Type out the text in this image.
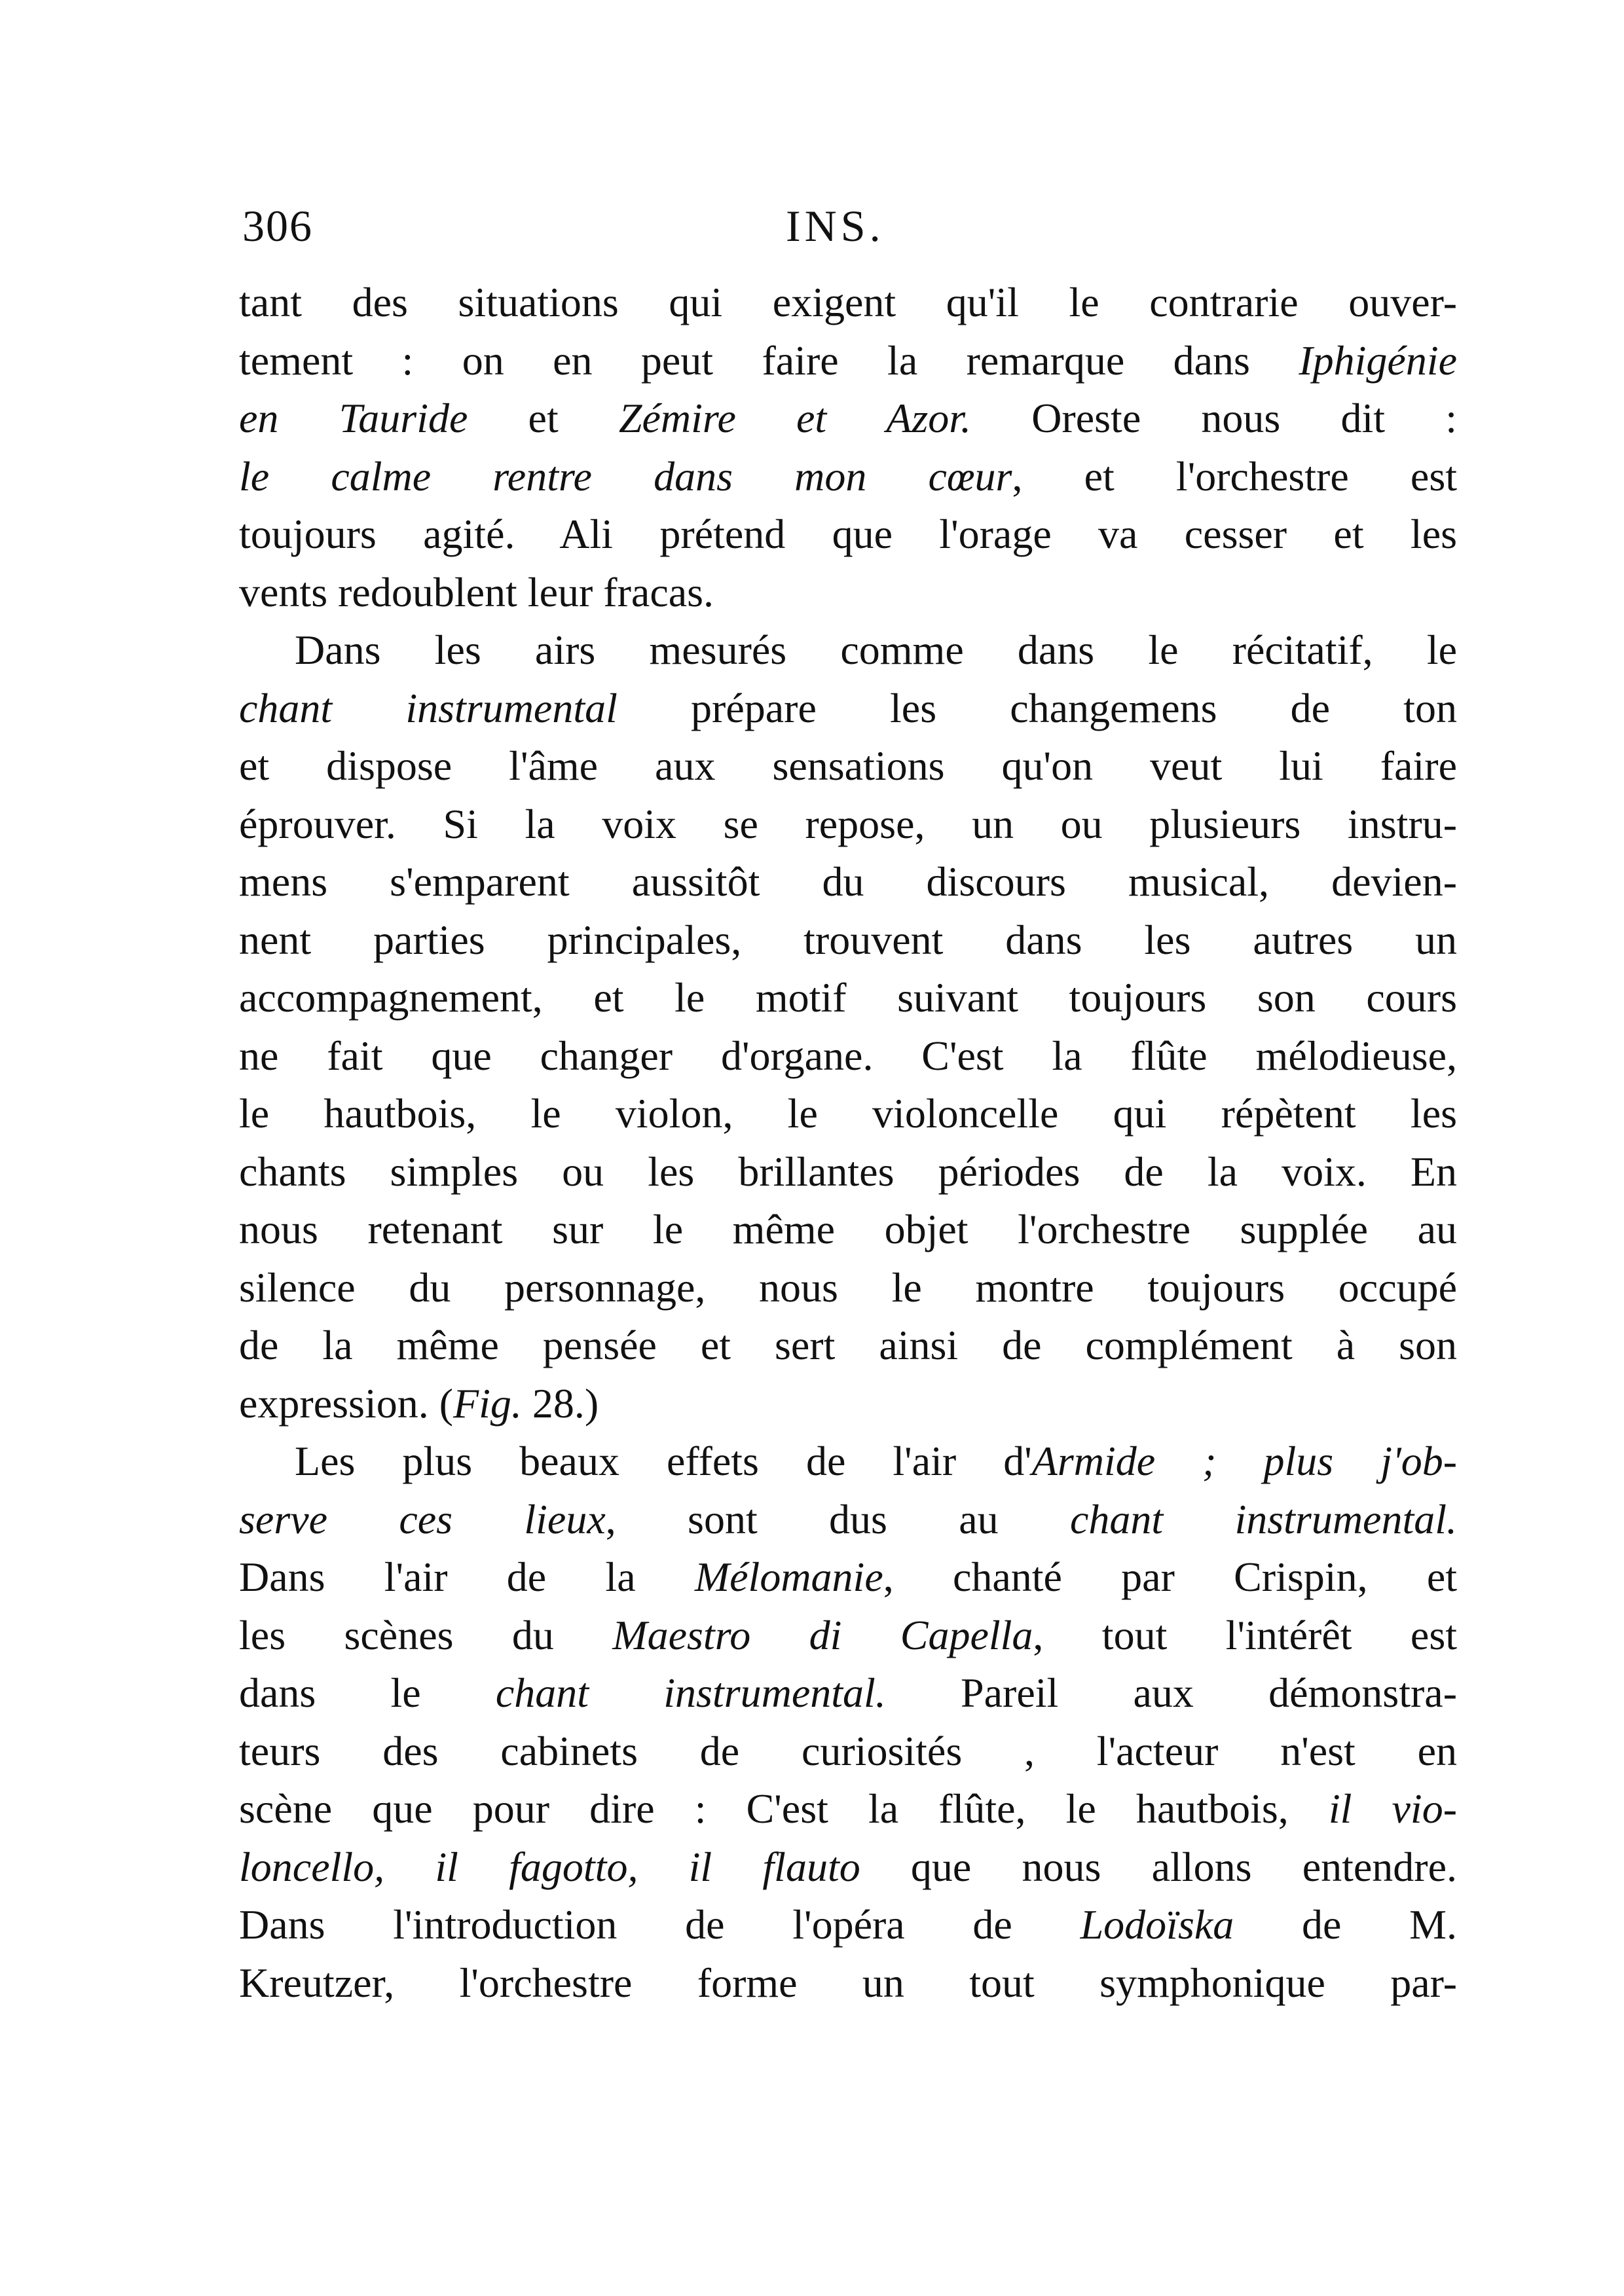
306	INS.
tant des situations qui exigent qu'il le contrarie ouver-
tement : on en peut faire la remarque dans Iphigénie
en Tauride et Zémire et Azor. Oreste nous dit :
le calme rentre dans mon cœur, et l'orchestre est
toujours agité. Ali prétend que l'orage va cesser et les
vents redoublent leur fracas.
Dans les airs mesurés comme dans le récitatif, le
chant instrumental prépare les changemens de ton
et dispose l'âme aux sensations qu'on veut lui faire
éprouver. Si la voix se repose, un ou plusieurs instru-
mens s'emparent aussitôt du discours musical, devien-
nent parties principales, trouvent dans les autres un
accompagnement, et le motif suivant toujours son cours
ne fait que changer d'organe. C'est la flûte mélodieuse,
le hautbois, le violon, le violoncelle qui répètent les
chants simples ou les brillantes périodes de la voix. En
nous retenant sur le même objet l'orchestre supplée au
silence du personnage, nous le montre toujours occupé
de la même pensée et sert ainsi de complément à son
expression. (Fig. 28.)
Les plus beaux effets de l'air d'Armide ; plus j'ob-
serve ces lieux, sont dus au chant instrumental.
Dans l'air de la Mélomanie, chanté par Crispin, et
les scènes du Maestro di Capella, tout l'intérêt est
dans le chant instrumental. Pareil aux démonstra-
teurs des cabinets de curiosités , l'acteur n'est en
scène que pour dire : C'est la flûte, le hautbois, il vio-
loncello, il fagotto, il flauto que nous allons entendre.
Dans l'introduction de l'opéra de Lodoïska de M.
Kreutzer, l'orchestre forme un tout symphonique par-
